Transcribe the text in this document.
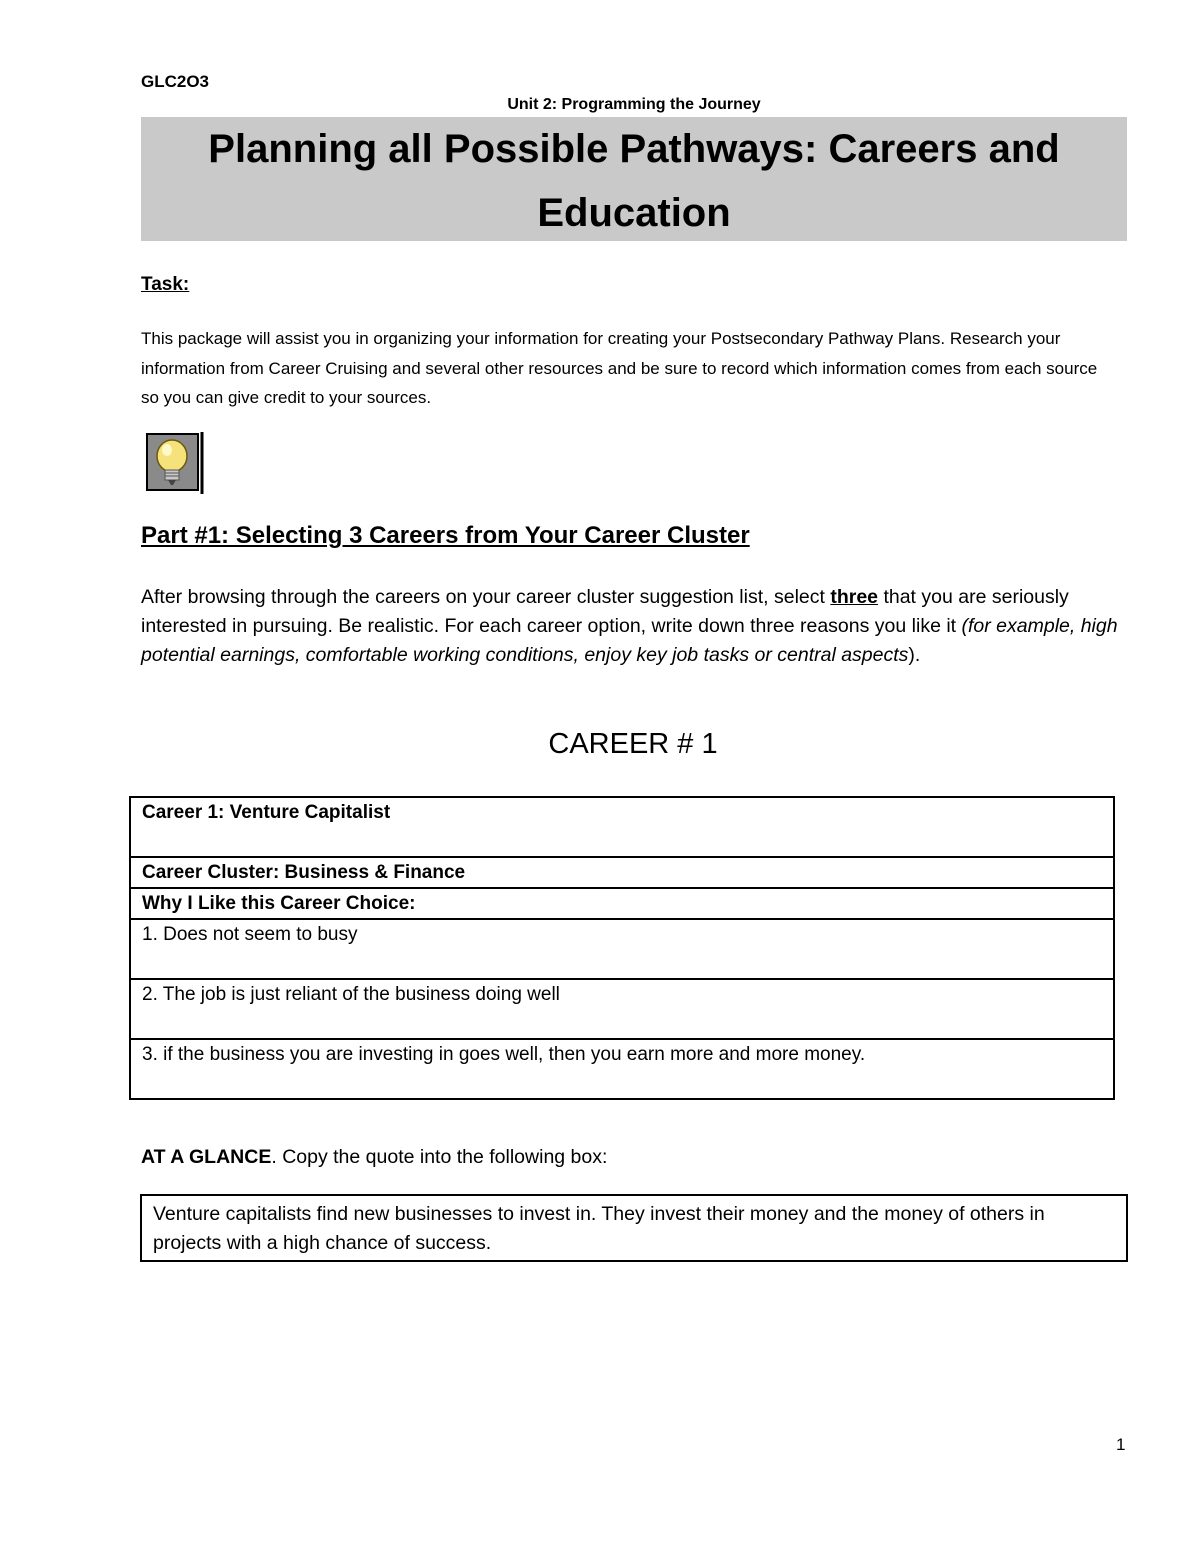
GLC2O3
Unit 2: Programming the Journey
Planning all Possible Pathways: Careers and Education
Task:
This package will assist you in organizing your information for creating your Postsecondary Pathway Plans. Research your information from Career Cruising and several other resources and be sure to record which information comes from each source so you can give credit to your sources.
Part #1: Selecting 3 Careers from Your Career Cluster
After browsing through the careers on your career cluster suggestion list, select three that you are seriously interested in pursuing. Be realistic. For each career option, write down three reasons you like it (for example, high potential earnings, comfortable working conditions, enjoy key job tasks or central aspects).
CAREER # 1
Career 1: Venture Capitalist
Career Cluster: Business & Finance
Why I Like this Career Choice:
1. Does not seem to busy
2. The job is just reliant of the business doing well
3. if the business you are investing in goes well, then you earn more and more money.
AT A GLANCE. Copy the quote into the following box:
Venture capitalists find new businesses to invest in. They invest their money and the money of others in projects with a high chance of success.
1
